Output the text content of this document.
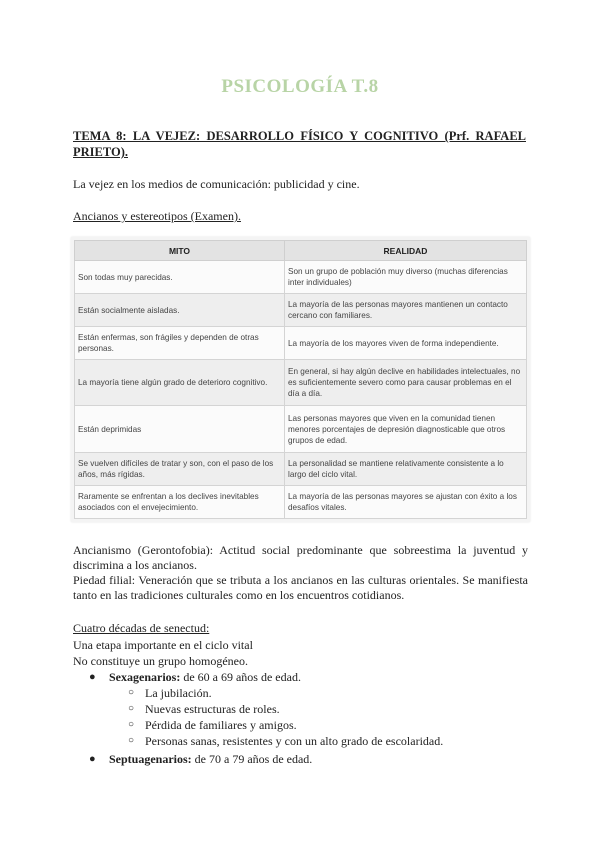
PSICOLOGÍA T.8
TEMA 8: LA VEJEZ: DESARROLLO FÍSICO Y COGNITIVO (Prf. RAFAEL
PRIETO).
La vejez en los medios de comunicación: publicidad y cine.
Ancianos y estereotipos (Examen).
MITO	REALIDAD
Son todas muy parecidas.	Son un grupo de población muy diverso (muchas diferencias inter individuales)
Están socialmente aisladas.	La mayoría de las personas mayores mantienen un contacto cercano con familiares.
Están enfermas, son frágiles y dependen de otras personas.	La mayoría de los mayores viven de forma independiente.
La mayoría tiene algún grado de deterioro cognitivo.	En general, si hay algún declive en habilidades intelectuales, no es suficientemente severo como para causar problemas en el día a día.
Están deprimidas	Las personas mayores que viven en la comunidad tienen menores porcentajes de depresión diagnosticable que otros grupos de edad.
Se vuelven difíciles de tratar y son, con el paso de los años, más rígidas.	La personalidad se mantiene relativamente consistente a lo largo del ciclo vital.
Raramente se enfrentan a los declives inevitables asociados con el envejecimiento.	La mayoría de las personas mayores se ajustan con éxito a los desafíos vitales.
Ancianismo (Gerontofobia): Actitud social predominante que sobreestima la juventud y discrimina a los ancianos.
Piedad filial: Veneración que se tributa a los ancianos en las culturas orientales. Se manifiesta tanto en las tradiciones culturales como en los encuentros cotidianos.
Cuatro décadas de senectud:
Una etapa importante en el ciclo vital
No constituye un grupo homogéneo.
● Sexagenarios: de 60 a 69 años de edad.
○ La jubilación.
○ Nuevas estructuras de roles.
○ Pérdida de familiares y amigos.
○ Personas sanas, resistentes y con un alto grado de escolaridad.
● Septuagenarios: de 70 a 79 años de edad.
